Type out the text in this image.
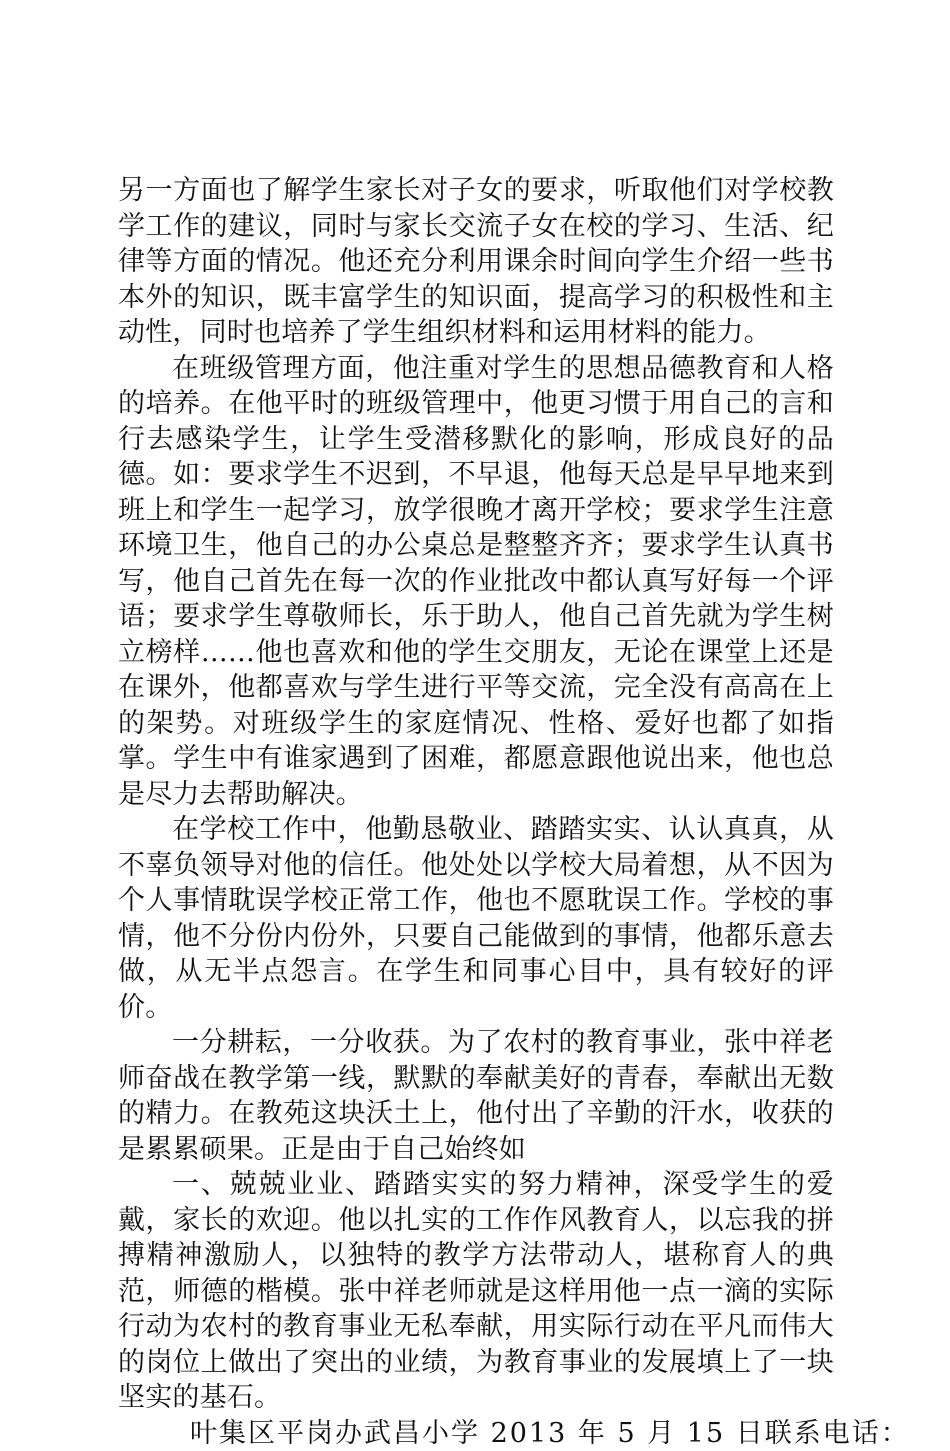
另一方面也了解学生家长对子女的要求，听取他们对学校教学工作的建议，同时与家长交流子女在校的学习、生活、纪律等方面的情况。他还充分利用课余时间向学生介绍一些书本外的知识，既丰富学生的知识面，提高学习的积极性和主动性，同时也培养了学生组织材料和运用材料的能力。

在班级管理方面，他注重对学生的思想品德教育和人格的培养。在他平时的班级管理中，他更习惯于用自己的言和行去感染学生，让学生受潜移默化的影响，形成良好的品德。如：要求学生不迟到，不早退，他每天总是早早地来到班上和学生一起学习，放学很晚才离开学校；要求学生注意环境卫生，他自己的办公桌总是整整齐齐；要求学生认真书写，他自己首先在每一次的作业批改中都认真写好每一个评语；要求学生尊敬师长，乐于助人，他自己首先就为学生树立榜样……他也喜欢和他的学生交朋友，无论在课堂上还是在课外，他都喜欢与学生进行平等交流，完全没有高高在上的架势。对班级学生的家庭情况、性格、爱好也都了如指掌。学生中有谁家遇到了困难，都愿意跟他说出来，他也总是尽力去帮助解决。

在学校工作中，他勤恳敬业、踏踏实实、认认真真，从不辜负领导对他的信任。他处处以学校大局着想，从不因为个人事情耽误学校正常工作，他也不愿耽误工作。学校的事情，他不分份内份外，只要自己能做到的事情，他都乐意去做，从无半点怨言。在学生和同事心目中，具有较好的评价。

一分耕耘，一分收获。为了农村的教育事业，张中祥老师奋战在教学第一线，默默的奉献美好的青春，奉献出无数的精力。在教苑这块沃土上，他付出了辛勤的汗水，收获的是累累硕果。正是由于自己始终如

一、兢兢业业、踏踏实实的努力精神，深受学生的爱戴，家长的欢迎。他以扎实的工作作风教育人，以忘我的拼搏精神激励人，以独特的教学方法带动人，堪称育人的典范，师德的楷模。张中祥老师就是这样用他一点一滴的实际行动为农村的教育事业无私奉献，用实际行动在平凡而伟大的岗位上做出了突出的业绩，为教育事业的发展填上了一块坚实的基石。

叶集区平岗办武昌小学 2013 年 5 月 15 日联系电话：
